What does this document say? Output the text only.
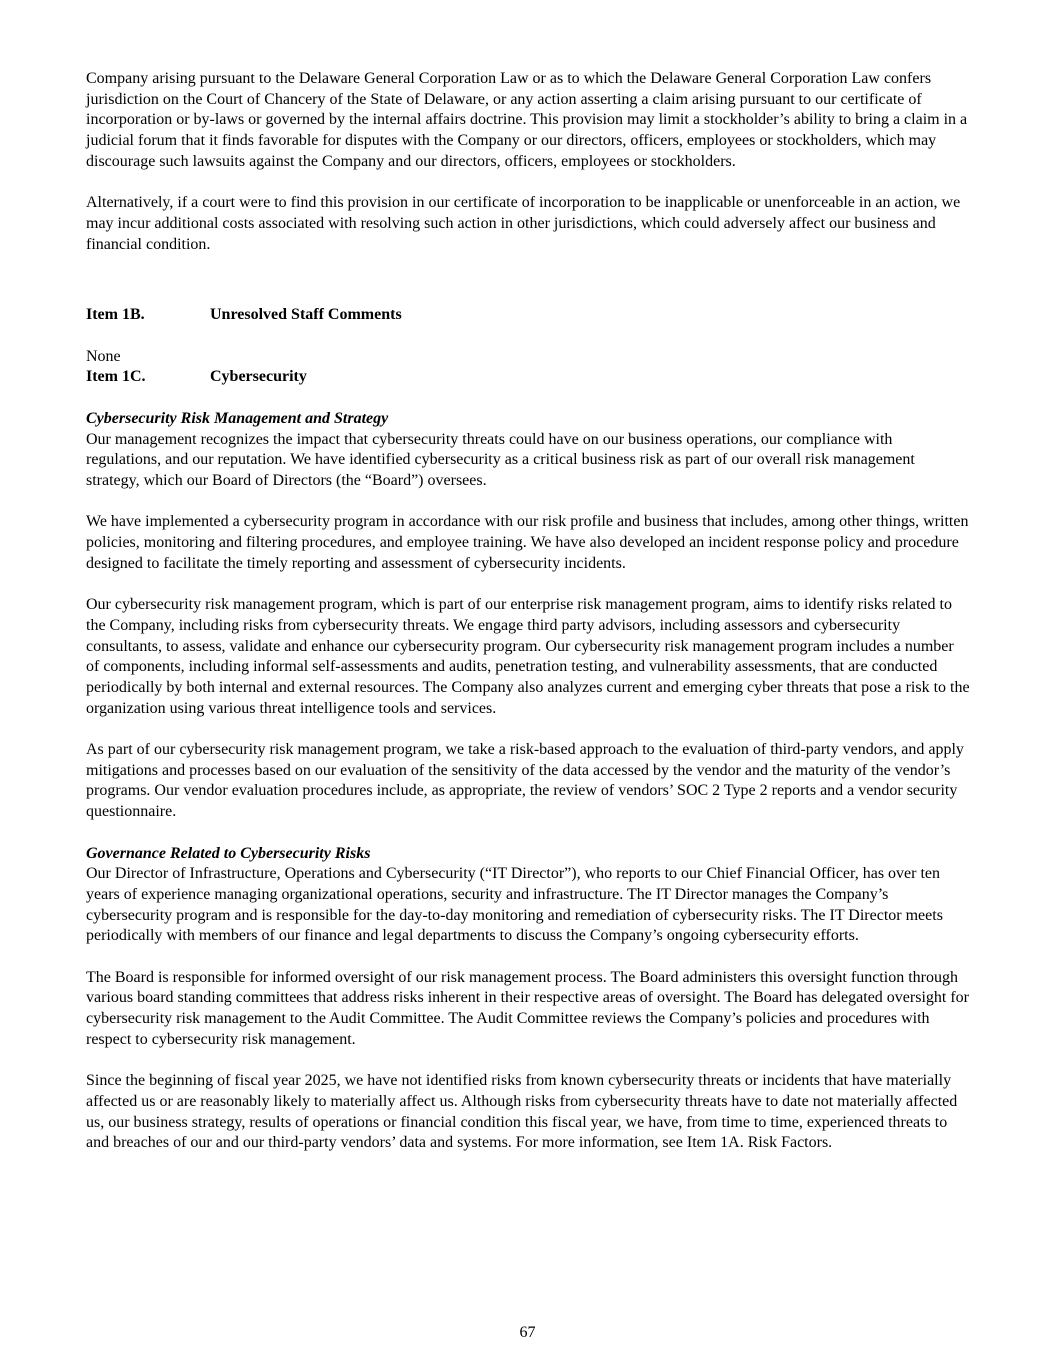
Company arising pursuant to the Delaware General Corporation Law or as to which the Delaware General Corporation Law confers jurisdiction on the Court of Chancery of the State of Delaware, or any action asserting a claim arising pursuant to our certificate of incorporation or by-laws or governed by the internal affairs doctrine. This provision may limit a stockholder’s ability to bring a claim in a judicial forum that it finds favorable for disputes with the Company or our directors, officers, employees or stockholders, which may discourage such lawsuits against the Company and our directors, officers, employees or stockholders.

Alternatively, if a court were to find this provision in our certificate of incorporation to be inapplicable or unenforceable in an action, we may incur additional costs associated with resolving such action in other jurisdictions, which could adversely affect our business and financial condition.

Item 1B.	Unresolved Staff Comments

None

Item 1C.	Cybersecurity

Cybersecurity Risk Management and Strategy

Our management recognizes the impact that cybersecurity threats could have on our business operations, our compliance with regulations, and our reputation. We have identified cybersecurity as a critical business risk as part of our overall risk management strategy, which our Board of Directors (the “Board”) oversees.

We have implemented a cybersecurity program in accordance with our risk profile and business that includes, among other things, written policies, monitoring and filtering procedures, and employee training. We have also developed an incident response policy and procedure designed to facilitate the timely reporting and assessment of cybersecurity incidents.

Our cybersecurity risk management program, which is part of our enterprise risk management program, aims to identify risks related to the Company, including risks from cybersecurity threats. We engage third party advisors, including assessors and cybersecurity consultants, to assess, validate and enhance our cybersecurity program. Our cybersecurity risk management program includes a number of components, including informal self-assessments and audits, penetration testing, and vulnerability assessments, that are conducted periodically by both internal and external resources. The Company also analyzes current and emerging cyber threats that pose a risk to the organization using various threat intelligence tools and services.

As part of our cybersecurity risk management program, we take a risk-based approach to the evaluation of third-party vendors, and apply mitigations and processes based on our evaluation of the sensitivity of the data accessed by the vendor and the maturity of the vendor’s programs. Our vendor evaluation procedures include, as appropriate, the review of vendors’ SOC 2 Type 2 reports and a vendor security questionnaire.

Governance Related to Cybersecurity Risks

Our Director of Infrastructure, Operations and Cybersecurity (“IT Director”), who reports to our Chief Financial Officer, has over ten years of experience managing organizational operations, security and infrastructure. The IT Director manages the Company’s cybersecurity program and is responsible for the day-to-day monitoring and remediation of cybersecurity risks. The IT Director meets periodically with members of our finance and legal departments to discuss the Company’s ongoing cybersecurity efforts.

The Board is responsible for informed oversight of our risk management process. The Board administers this oversight function through various board standing committees that address risks inherent in their respective areas of oversight. The Board has delegated oversight for cybersecurity risk management to the Audit Committee. The Audit Committee reviews the Company’s policies and procedures with respect to cybersecurity risk management.

Since the beginning of fiscal year 2025, we have not identified risks from known cybersecurity threats or incidents that have materially affected us or are reasonably likely to materially affect us. Although risks from cybersecurity threats have to date not materially affected us, our business strategy, results of operations or financial condition this fiscal year, we have, from time to time, experienced threats to and breaches of our and our third-party vendors’ data and systems. For more information, see Item 1A. Risk Factors.

67
